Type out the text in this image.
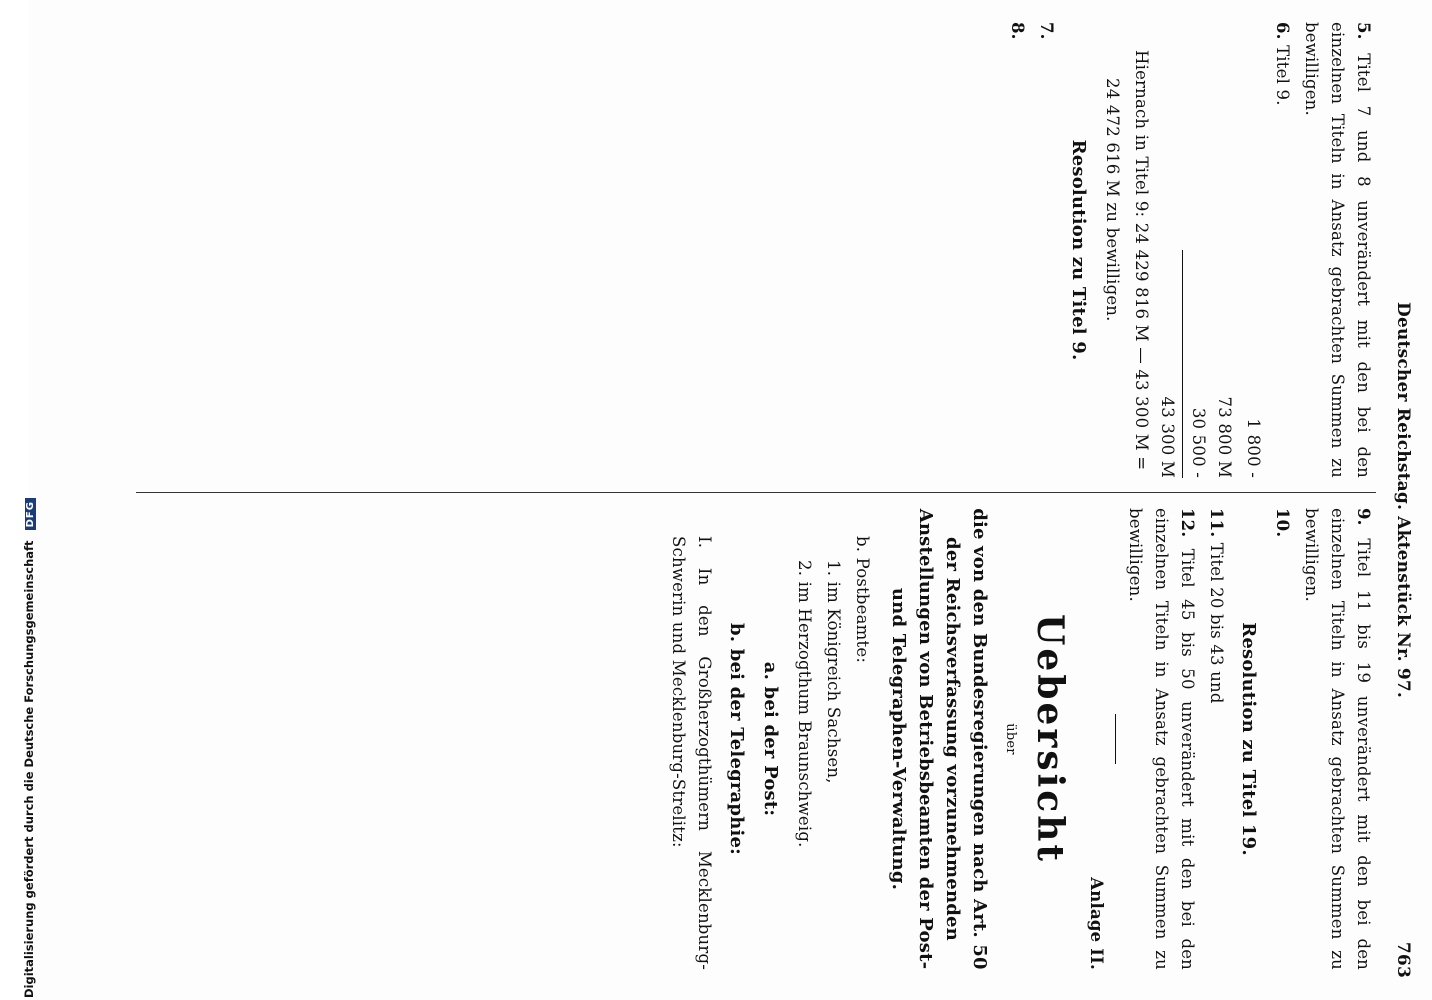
Deutscher Reichstag. Aktenstück Nr. 97.
763

5. Titel 7 und 8 unverändert mit den bei den einzelnen Titeln in Ansatz gebrachten Summen zu bewilligen.

6. Titel 9.

1 800 -

73 800 M
30 500 -
43 300 M

Hiernach in Titel 9: 24 429 816 M — 43 300 M =

24 472 616 M zu bewilligen.

Resolution zu Titel 9.

7.

8.

9. Titel 11 bis 19 unverändert mit den bei den einzelnen Titeln in Ansatz gebrachten Summen zu bewilligen.

10.

Resolution zu Titel 19.

11. Titel 20 bis 43 und

12. Titel 45 bis 50 unverändert mit den bei den einzelnen Titeln in Ansatz gebrachten Summen zu bewilligen.

Anlage II.
Uebersicht
über
die von den Bundesregierungen nach Art. 50 der Reichsverfassung vorzunehmenden Anstellungen von Betriebsbeamten der Post- und Telegraphen-Verwaltung.

b. Postbeamte:

1. im Königreich Sachsen,

2. im Herzogthum Braunschweig.

a. bei der Post:
b. bei der Telegraphie:

I. In den Großherzogthümern Mecklenburg-Schwerin und Mecklenburg-Strelitz:

Digitalisierung gefördert durch die Deutsche Forschungsgemeinschaft DFG
